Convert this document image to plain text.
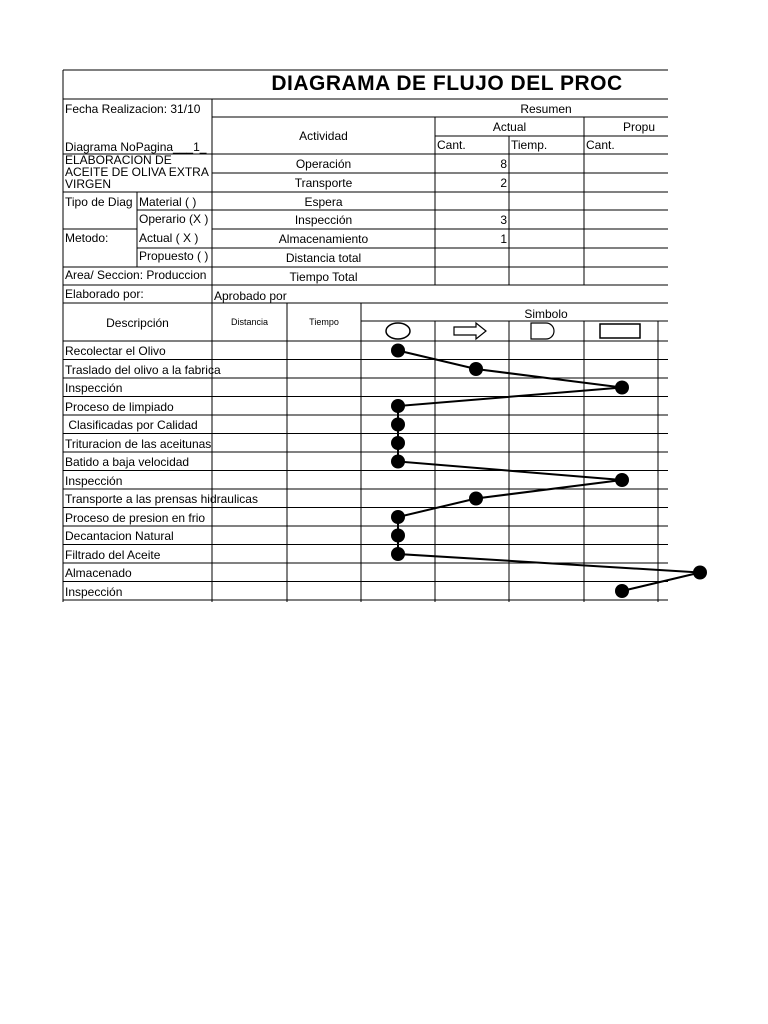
DIAGRAMA DE FLUJO DEL PROC
Fecha Realizacion: 31/10
Diagrama NoPagina___1_
ELABORACION DE ACEITE DE OLIVA EXTRA VIRGEN
Tipo de Diag Material ( )
Operario (X )
Metodo:	Actual ( X )
Propuesto ( )
Area/ Seccion: Produccion
Elaborado por:	Aprobado por
Resumen
Actividad
Actual	Propu
Cant.	Tiemp.	Cant.
Operación	8
Transporte	2
Espera
Inspección	3
Almacenamiento	1
Distancia total
Tiempo Total
Descripción	Distancia	Tiempo
Simbolo
Recolectar el Olivo
Traslado del olivo a la fabrica
Inspección
Proceso de limpiado
Clasificadas por Calidad
Trituracion de las aceitunas
Batido a baja velocidad
Inspección
Transporte a las prensas hidraulicas
Proceso de presion en frio
Decantacion Natural
Filtrado del Aceite
Almacenado
Inspección
